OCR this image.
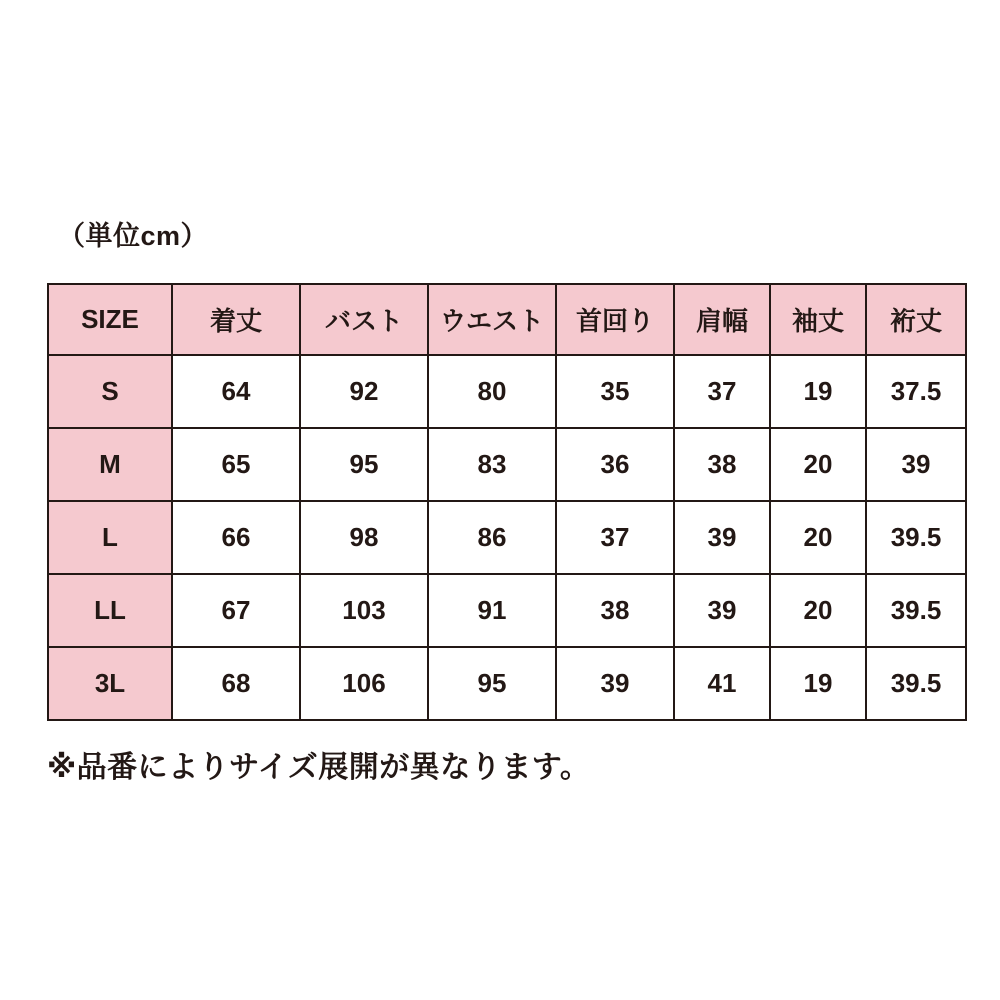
（単位cm）
SIZE	着丈	バスト	ウエスト	首回り	肩幅	袖丈	裄丈
S	64	92	80	35	37	19	37.5
M	65	95	83	36	38	20	39
L	66	98	86	37	39	20	39.5
LL	67	103	91	38	39	20	39.5
3L	68	106	95	39	41	19	39.5
※品番によりサイズ展開が異なります。
